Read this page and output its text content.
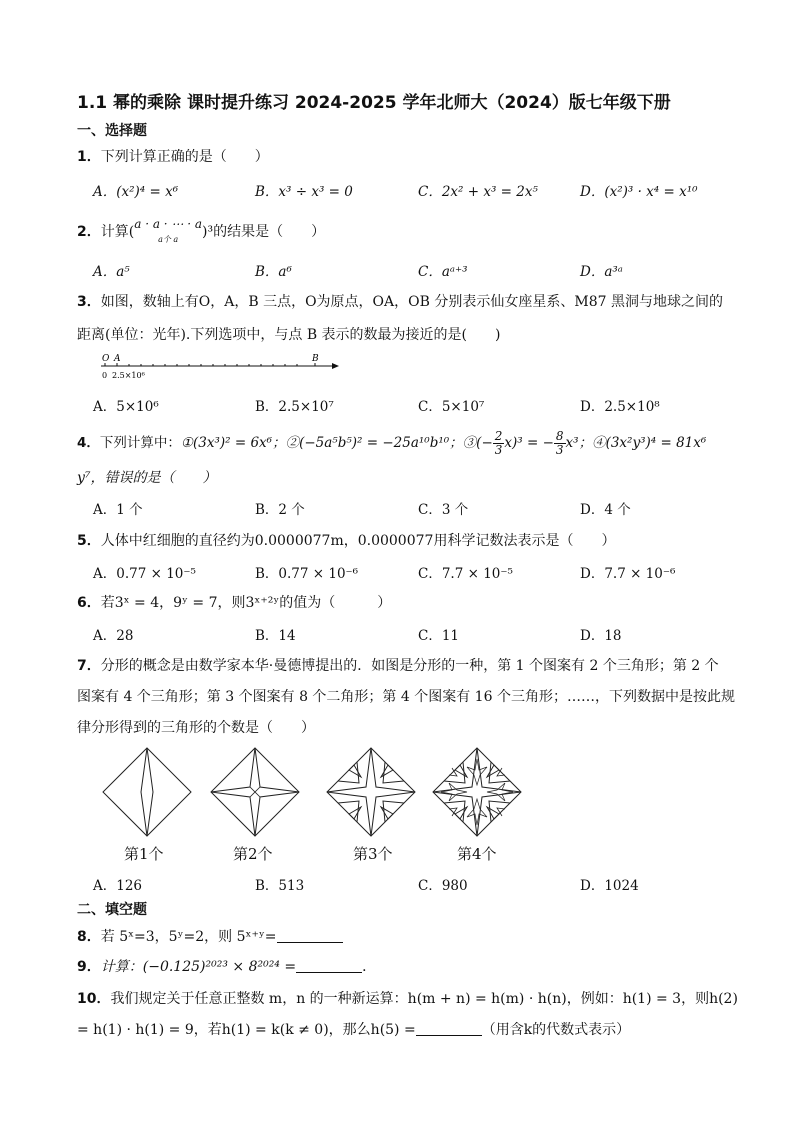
1.1 幂的乘除 课时提升练习 2024-2025 学年北师大（2024）版七年级下册
一、选择题
1．下列计算正确的是（　　）
A．(x²)⁴ = x⁶	B．x³ ÷ x³ = 0	C．2x² + x³ = 2x⁵	D．(x²)³ · x⁴ = x¹⁰
2．计算( a · a · ⋯ · a
a个 a	)³的结果是（　　）
A．a⁵	B．a⁶	C．aᵃ⁺³	D．a³ᵃ
3．如图，数轴上有O，A，B 三点，O为原点，OA，OB 分别表示仙女座星系、M87 黑洞与地球之间的
距离(单位：光年).下列选项中，与点 B 表示的数最为接近的是(　　)
O A	B
0 2.5×10⁶
A．5×10⁶	B．2.5×10⁷	C．5×10⁷	D．2.5×10⁸
4．下列计算中：①(3x³)² = 6x⁶；②(−5a⁵b⁵)² = −25a¹⁰b¹⁰；③(− $\frac{2}{3} x)^3$ = − $\frac{8}{3} x^3$；④(3x²y³)⁴ = 81x⁶
y⁷，错误的是（　　）
A．1 个	B．2 个	C．3 个	D．4 个
5．人体中红细胞的直径约为0.0000077m，0.0000077用科学记数法表示是（　　）
A．0.77 × 10⁻⁵	B．0.77 × 10⁻⁶	C．7.7 × 10⁻⁵	D．7.7 × 10⁻⁶
6．若3ˣ = 4，9ʸ = 7，则3ˣ⁺²ʸ的值为（　　　）
A．28	B．14	C．11	D．18
7．分形的概念是由数学家本华·曼德博提出的．如图是分形的一种，第 1 个图案有 2 个三角形；第 2 个
图案有 4 个三角形；第 3 个图案有 8 个二角形；第 4 个图案有 16 个三角形；……，下列数据中是按此规
律分形得到的三角形的个数是（　　）
第1个	第2个	第3个	第4个
A．126	B．513	C．980	D．1024
二、填空题
8．若 5ˣ=3，5ʸ=2，则 5ˣ⁺ʸ=
9．计算：(−0.125)²⁰²³ × 8²⁰²⁴ =	．
10．我们规定关于任意正整数 m，n 的一种新运算：h(m + n) = h(m) · h(n)，例如：h(1) = 3，则h(2)
= h(1) · h(1) = 9，若h(1) = k(k ≠ 0)，那么h(5) =	（用含k的代数式表示）
